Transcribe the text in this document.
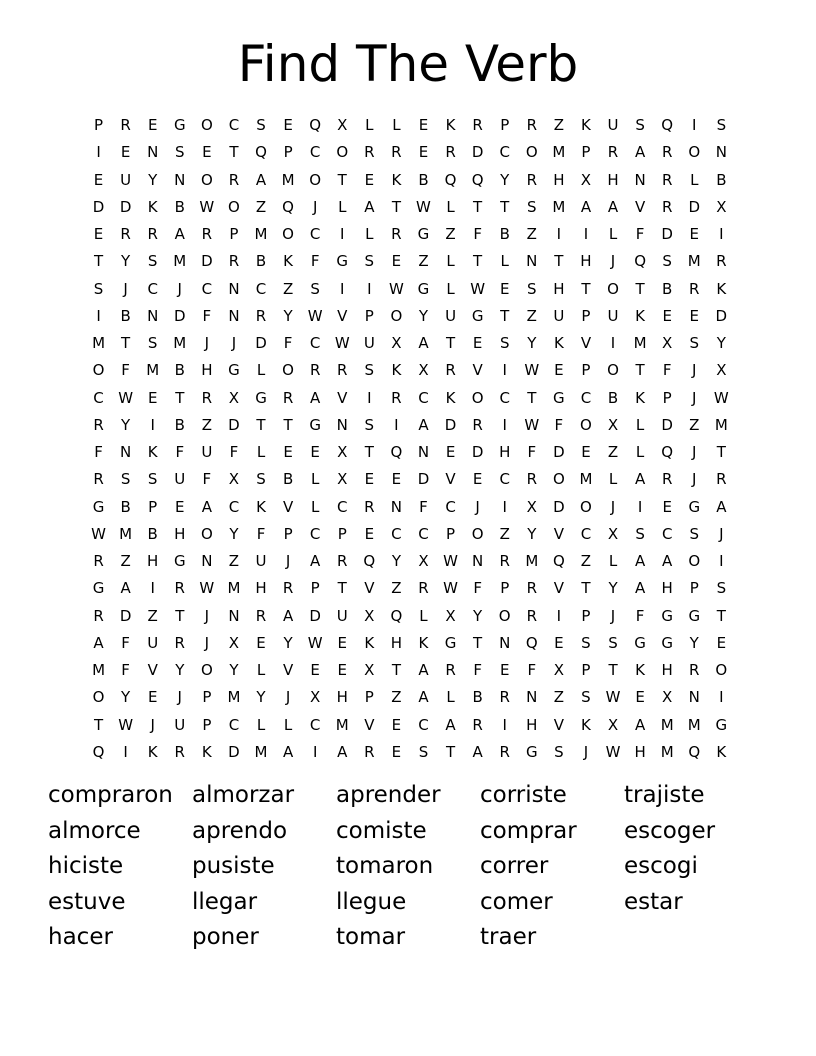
Find The Verb
P	R	E	G	O	C	S	E	Q	X	L	L	E	K	R	P	R	Z	K	U	S	Q	I	S
I	E	N	S	E	T	Q	P	C	O	R	R	E	R	D	C	O M	P	R	A	R	O	N
E	U	Y	N	O	R	A	M O	T	E	K	B	Q	Q	Y	R	H	X	H	N	R	L	B
D	D	K	B W O	Z	Q	J	L	A	T	W	L	T	T	S	M	A	A	V	R	D	X
E	R	R	A	R	P	M O	C	I	L	R	G	Z	F	B	Z	I	I	L	F	D	E	I
T	Y	S	M D	R	B	K	F	G	S	E	Z	L	T	L	N	T	H	J	Q	S	M	R
S	J	C	J	C	N	C	Z	S	I	I	W G	L	W E	S	H	T	O	T	B	R	K
I	B	N	D	F	N	R	Y	W V	P	O	Y	U	G	T	Z	U	P	U	K	E	E	D
M	T	S	M	J	J	D	F	C W U	X	A	T	E	S	Y	K	V	I	M	X	S	Y
O	F	M	B	H	G	L	O	R	R	S	K	X	R	V	I	W E	P	O	T	F	J	X
C W E	T	R	X	G	R	A	V	I	R	C	K	O	C	T	G	C	B	K	P	J	W
R	Y	I	B	Z	D	T	T	G	N	S	I	A	D	R	I	W	F	O	X	L	D	Z	M
F	N	K	F	U	F	L	E	E	X	T	Q	N	E	D	H	F	D	E	Z	L	Q	J	T
R	S	S	U	F	X	S	B	L	X	E	E	D	V	E	C	R	O M	L	A	R	J	R
G	B	P	E	A	C	K	V	L	C	R	N	F	C	J	I	X	D	O	J	I	E	G	A
W M	B	H	O	Y	F	P	C	P	E	C	C	P	O	Z	Y	V	C	X	S	C	S	J
R	Z	H	G	N	Z	U	J	A	R	Q	Y	X W N	R	M Q	Z	L	A	A	O	I
G	A	I	R W M H	R	P	T	V	Z	R W	F	P	R	V	T	Y	A	H	P	S
R	D	Z	T	J	N	R	A	D	U	X	Q	L	X	Y	O	R	I	P	J	F	G	G	T
A	F	U	R	J	X	E	Y	W E	K	H	K	G	T	N	Q	E	S	S	G	G	Y	E
M	F	V	Y	O	Y	L	V	E	E	X	T	A	R	F	E	F	X	P	T	K	H	R	O
O	Y	E	J	P	M	Y	J	X	H	P	Z	A	L	B	R	N	Z	S W E	X	N	I
T	W	J	U	P	C	L	L	C	M	V	E	C	A	R	I	H	V	K	X	A	M M G
Q	I	K	R	K	D M	A	I	A	R	E	S	T	A	R	G	S	J	W H M Q	K
compraron almorzar	aprender	corriste	trajiste
almorce	aprendo	comiste	comprar	escoger
hiciste	pusiste	tomaron	correr	escogi
estuve	llegar	llegue	comer	estar
hacer	poner	tomar	traer
